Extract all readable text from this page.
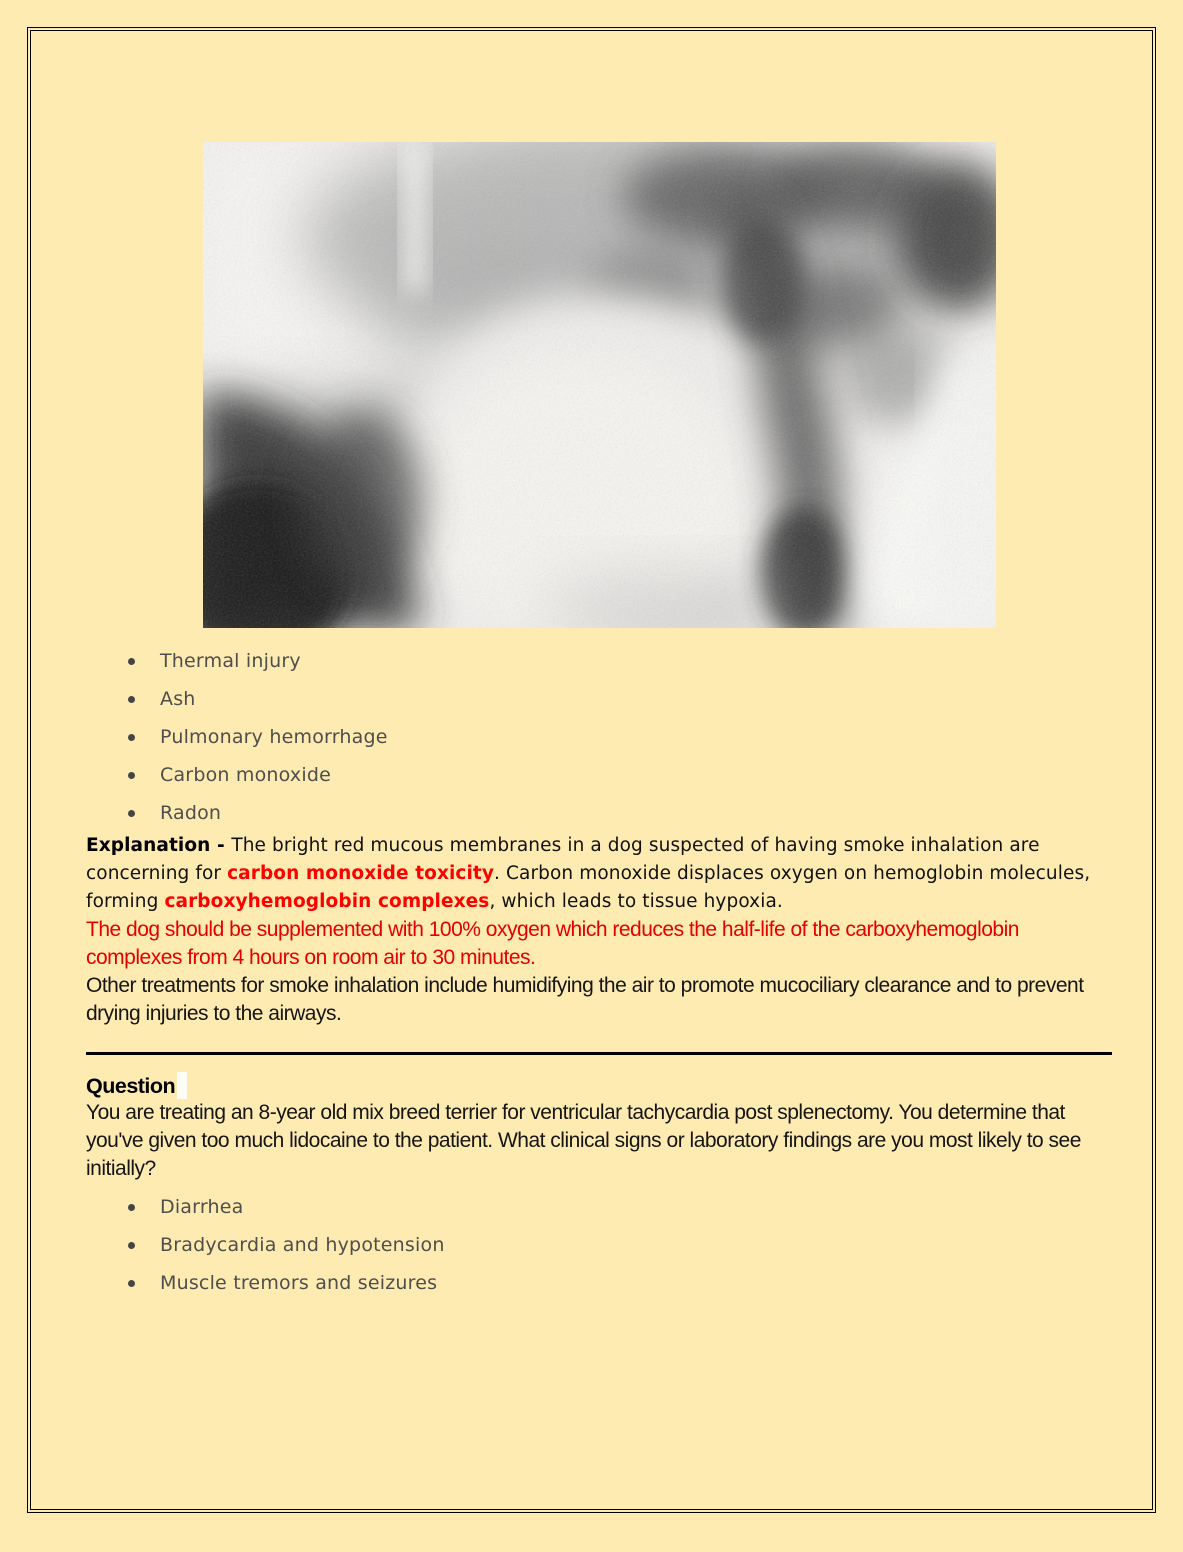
Thermal injury
Ash
Pulmonary hemorrhage
Carbon monoxide
Radon

Explanation - The bright red mucous membranes in a dog suspected of having smoke inhalation are concerning for carbon monoxide toxicity. Carbon monoxide displaces oxygen on hemoglobin molecules, forming carboxyhemoglobin complexes, which leads to tissue hypoxia.

The dog should be supplemented with 100% oxygen which reduces the half-life of the carboxyhemoglobin complexes from 4 hours on room air to 30 minutes.

Other treatments for smoke inhalation include humidifying the air to promote mucociliary clearance and to prevent drying injuries to the airways.

Question

You are treating an 8-year old mix breed terrier for ventricular tachycardia post splenectomy. You determine that you've given too much lidocaine to the patient. What clinical signs or laboratory findings are you most likely to see initially?

Diarrhea
Bradycardia and hypotension
Muscle tremors and seizures
